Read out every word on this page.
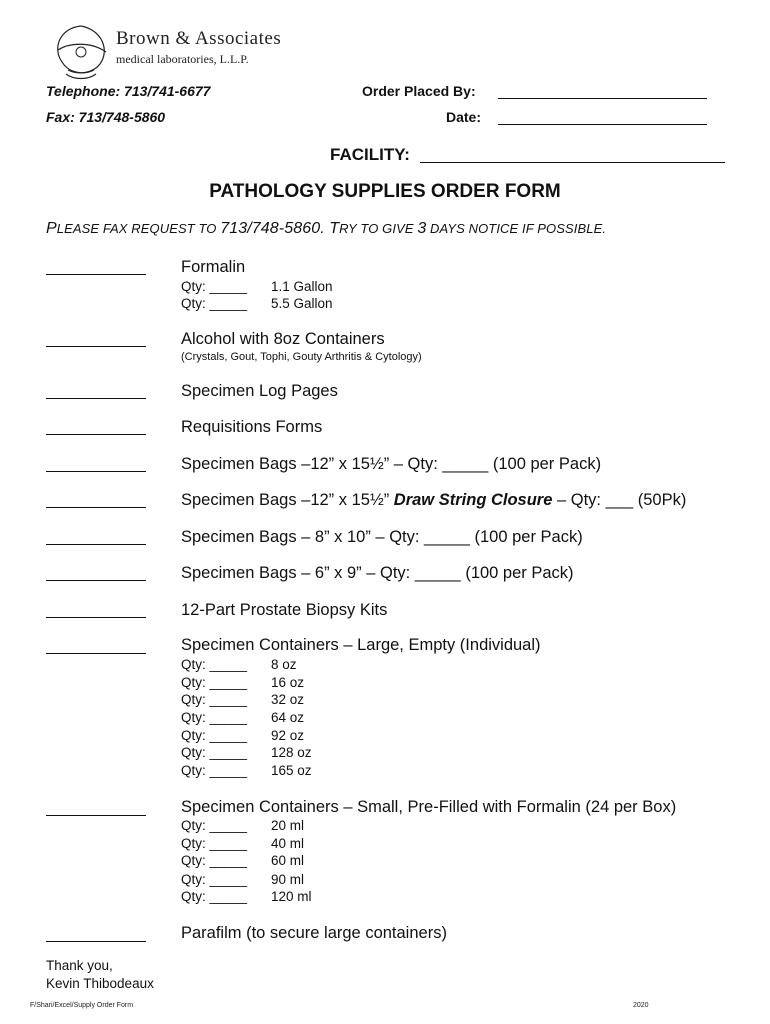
Brown & Associates
medical laboratories, L.L.P.
Telephone: 713/741-6677
Fax: 713/748-5860
Order Placed By:
Date:
FACILITY:
PATHOLOGY SUPPLIES ORDER FORM
PLEASE FAX REQUEST TO 713/748-5860. TRY TO GIVE 3 DAYS NOTICE IF POSSIBLE.
Formalin
Qty: _____ 1.1 Gallon
Qty: _____ 5.5 Gallon
Alcohol with 8oz Containers
(Crystals, Gout, Tophi, Gouty Arthritis & Cytology)
Specimen Log Pages
Requisitions Forms
Specimen Bags –12” x 15½” – Qty: _____ (100 per Pack)
Specimen Bags –12” x 15½” Draw String Closure – Qty: ___ (50Pk)
Specimen Bags – 8” x 10” – Qty: _____ (100 per Pack)
Specimen Bags – 6” x 9” – Qty: _____ (100 per Pack)
12-Part Prostate Biopsy Kits
Specimen Containers – Large, Empty (Individual)
Qty: _____ 8 oz
Qty: _____ 16 oz
Qty: _____ 32 oz
Qty: _____ 64 oz
Qty: _____ 92 oz
Qty: _____ 128 oz
Qty: _____ 165 oz
Specimen Containers – Small, Pre-Filled with Formalin (24 per Box)
Qty: _____ 20 ml
Qty: _____ 40 ml
Qty: _____ 60 ml
Qty: _____ 90 ml
Qty: _____ 120 ml
Parafilm (to secure large containers)
Thank you,
Kevin Thibodeaux
F/Shari/Excel/Supply Order Form	2020
